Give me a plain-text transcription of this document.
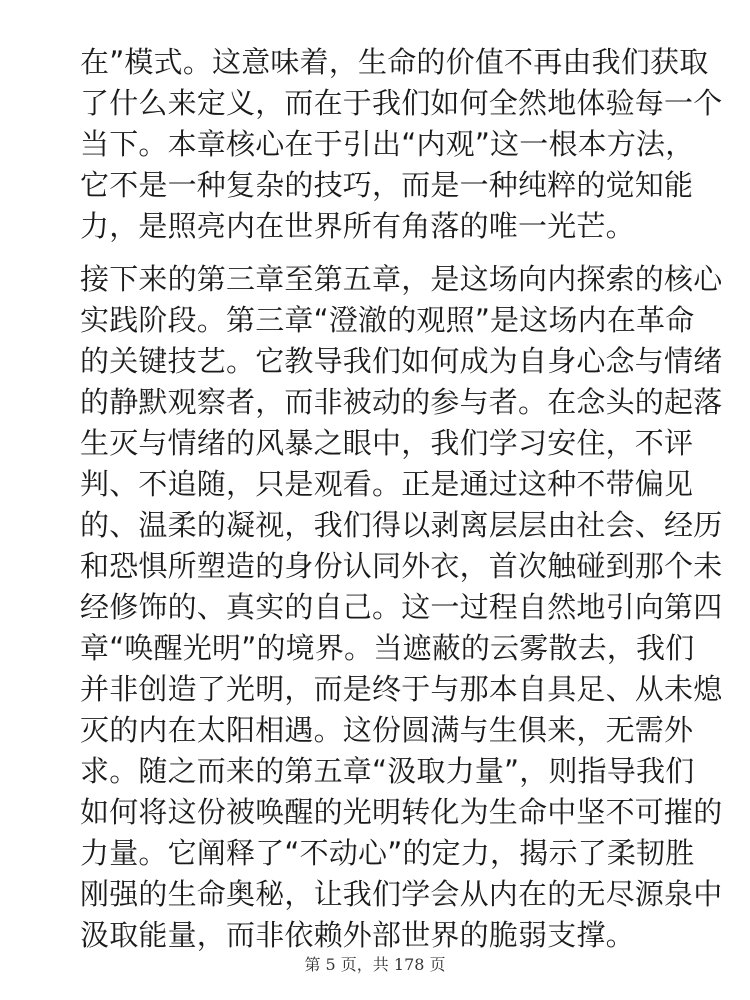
在”模式。这意味着，生命的价值不再由我们获取
了什么来定义，而在于我们如何全然地体验每一个
当下。本章核心在于引出“内观”这一根本方法，
它不是一种复杂的技巧，而是一种纯粹的觉知能
力，是照亮内在世界所有角落的唯一光芒。
接下来的第三章至第五章，是这场向内探索的核心
实践阶段。第三章“澄澈的观照”是这场内在革命
的关键技艺。它教导我们如何成为自身心念与情绪
的静默观察者，而非被动的参与者。在念头的起落
生灭与情绪的风暴之眼中，我们学习安住，不评
判、不追随，只是观看。正是通过这种不带偏见
的、温柔的凝视，我们得以剥离层层由社会、经历
和恐惧所塑造的身份认同外衣，首次触碰到那个未
经修饰的、真实的自己。这一过程自然地引向第四
章“唤醒光明”的境界。当遮蔽的云雾散去，我们
并非创造了光明，而是终于与那本自具足、从未熄
灭的内在太阳相遇。这份圆满与生俱来，无需外
求。随之而来的第五章“汲取力量”，则指导我们
如何将这份被唤醒的光明转化为生命中坚不可摧的
力量。它阐释了“不动心”的定力，揭示了柔韧胜
刚强的生命奥秘，让我们学会从内在的无尽源泉中
汲取能量，而非依赖外部世界的脆弱支撑。
第 5 页，共 178 页
